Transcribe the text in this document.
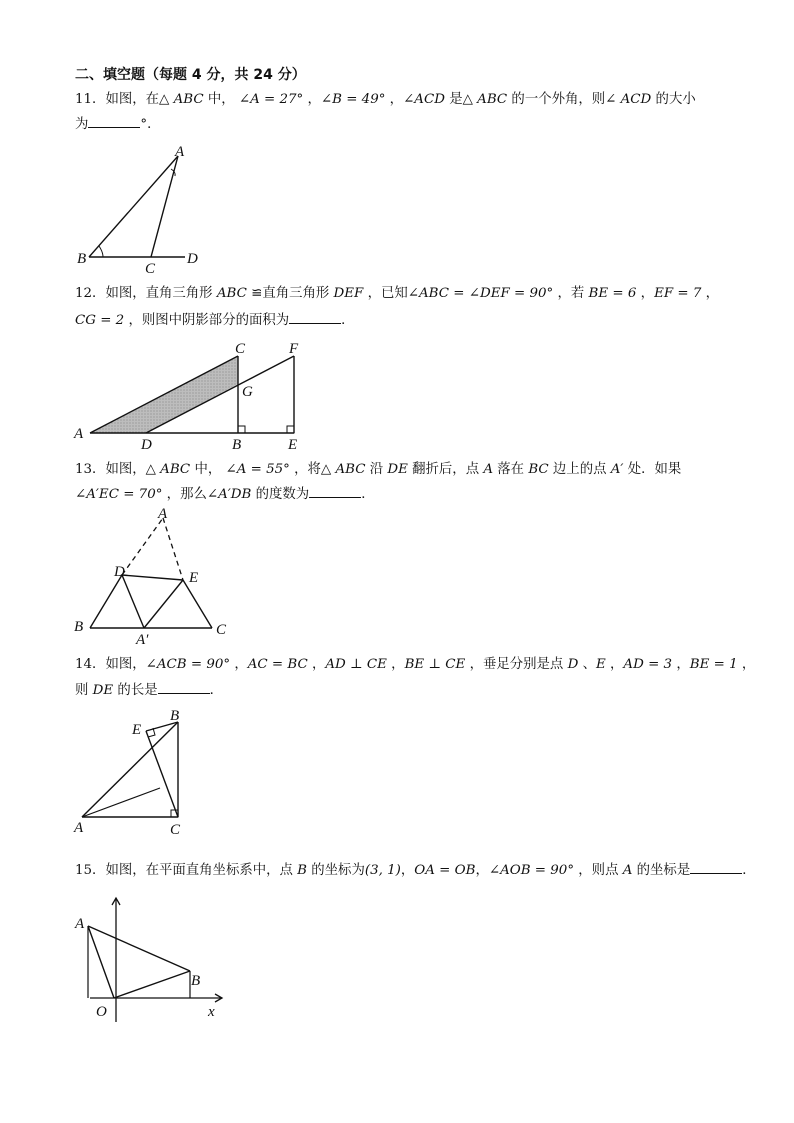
二、填空题（每题 4 分，共 24 分）
11．如图，在△ ABC 中， ∠A = 27° ，∠B = 49° ，∠ACD 是△ ABC 的一个外角，则∠ ACD 的大小
为	°．
A
B
C
D
12．如图，直角三角形 ABC ≌直角三角形 DEF ，已知∠ABC = ∠DEF = 90° ，若 BE = 6 ，EF = 7 ，
CG = 2 ，则图中阴影部分的面积为	．
A
D	B	E
C	F
G
13．如图，△ ABC 中， ∠A = 55° ，将△ ABC 沿 DE 翻折后，点 A 落在 BC 边上的点 A′ 处．如果
∠A′EC = 70° ，那么∠A′DB 的度数为	．
A
D	E
B	C
A′
14．如图，∠ACB = 90° ，AC = BC ，AD ⊥ CE ，BE ⊥ CE ，垂足分别是点 D 、E ，AD = 3 ，BE = 1 ，
则 DE 的长是	．
A	C
E
B
15．如图，在平面直角坐标系中，点 B 的坐标为(3, 1)，OA = OB，∠AOB = 90° ，则点 A 的坐标是	．
A
B
O	x
